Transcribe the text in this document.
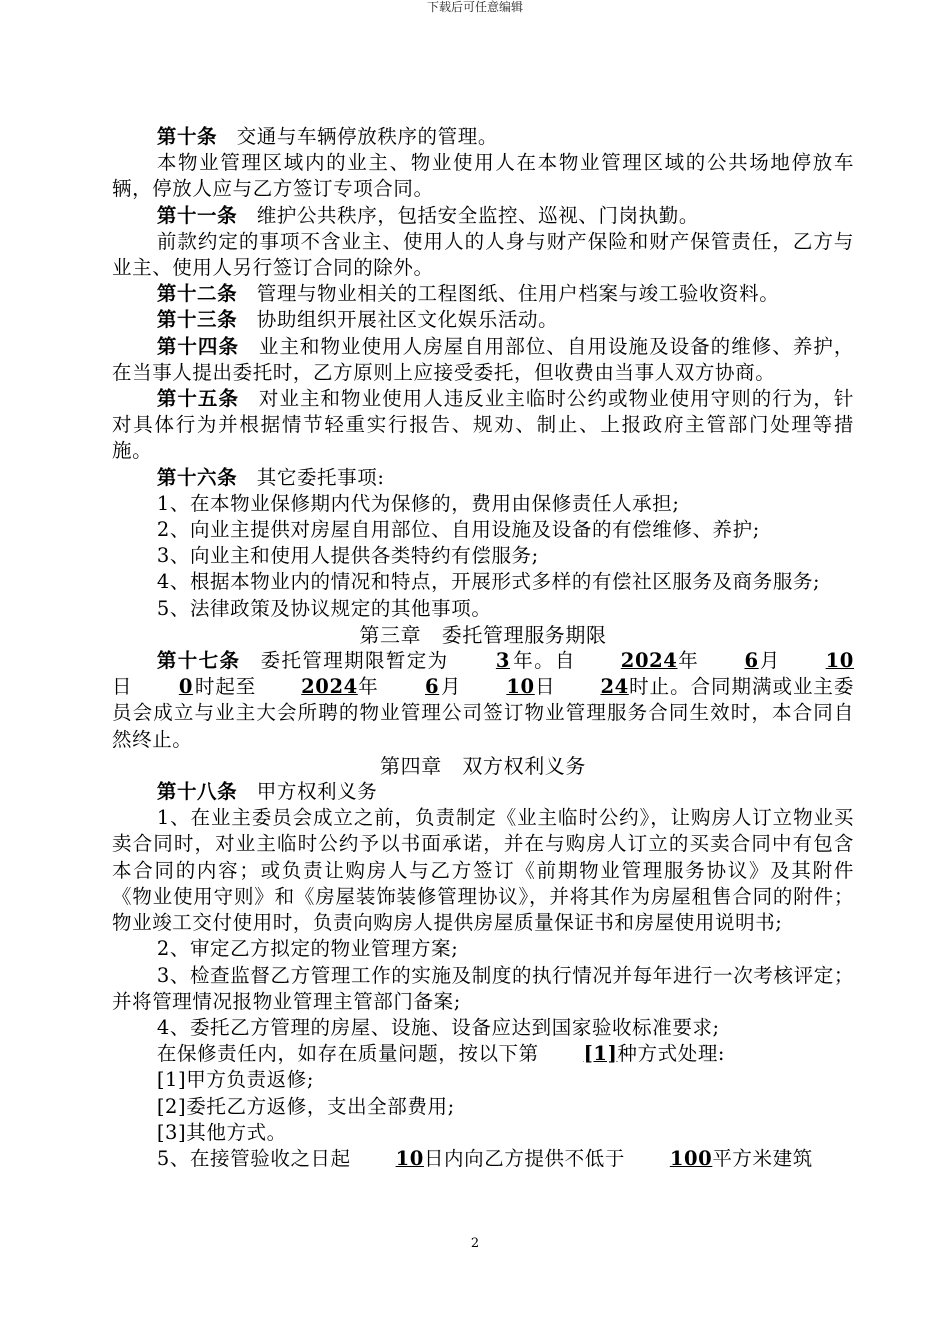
下载后可任意编辑

第十条 交通与车辆停放秩序的管理。

本物业管理区域内的业主、物业使用人在本物业管理区域的公共场地停放车辆，停放人应与乙方签订专项合同。

第十一条 维护公共秩序，包括安全监控、巡视、门岗执勤。

前款约定的事项不含业主、使用人的人身与财产保险和财产保管责任，乙方与业主、使用人另行签订合同的除外。

第十二条 管理与物业相关的工程图纸、住用户档案与竣工验收资料。

第十三条 协助组织开展社区文化娱乐活动。

第十四条 业主和物业使用人房屋自用部位、自用设施及设备的维修、养护，在当事人提出委托时，乙方原则上应接受委托，但收费由当事人双方协商。

第十五条 对业主和物业使用人违反业主临时公约或物业使用守则的行为，针对具体行为并根据情节轻重实行报告、规劝、制止、上报政府主管部门处理等措施。

第十六条 其它委托事项:

1、在本物业保修期内代为保修的，费用由保修责任人承担;

2、向业主提供对房屋自用部位、自用设施及设备的有偿维修、养护;

3、向业主和使用人提供各类特约有偿服务;

4、根据本物业内的情况和特点，开展形式多样的有偿社区服务及商务服务;

5、法律政策及协议规定的其他事项。

第三章　委托管理服务期限

第十七条 委托管理期限暂定为 3 年。自 2024年 6月 10日 0时起至 2024年 6月 10日 24时止。合同期满或业主委员会成立与业主大会所聘的物业管理公司签订物业管理服务合同生效时，本合同自然终止。

第四章　双方权利义务

第十八条 甲方权利义务

1、在业主委员会成立之前，负责制定《业主临时公约》，让购房人订立物业买卖合同时，对业主临时公约予以书面承诺，并在与购房人订立的买卖合同中有包含本合同的内容；或负责让购房人与乙方签订《前期物业管理服务协议》及其附件《物业使用守则》和《房屋装饰装修管理协议》，并将其作为房屋租售合同的附件；物业竣工交付使用时，负责向购房人提供房屋质量保证书和房屋使用说明书;

2、审定乙方拟定的物业管理方案;

3、检查监督乙方管理工作的实施及制度的执行情况并每年进行一次考核评定；并将管理情况报物业管理主管部门备案;

4、委托乙方管理的房屋、设施、设备应达到国家验收标准要求;

在保修责任内，如存在质量问题，按以下第 [1]种方式处理:

[1]甲方负责返修;

[2]委托乙方返修，支出全部费用;

[3]其他方式。

5、在接管验收之日起 10日内向乙方提供不低于 100平方米建筑

2
